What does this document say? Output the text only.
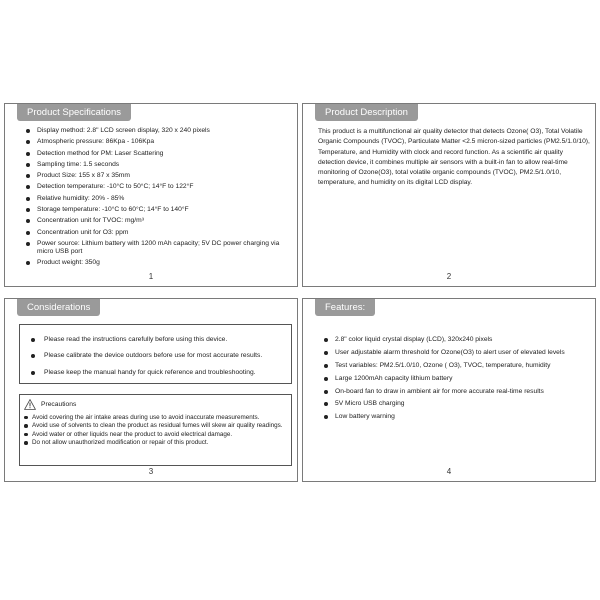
Product Specifications
Display method: 2.8" LCD screen display, 320 x 240 pixels
Atmospheric pressure: 86Kpa - 106Kpa
Detection method for PM: Laser Scattering
Sampling time: 1.5 seconds
Product Size: 155 x 87 x 35mm
Detection temperature: -10°C to 50°C; 14°F to 122°F
Relative humidity: 20% - 85%
Storage temperature: -10°C to 60°C; 14°F to 140°F
Concentration unit for TVOC: mg/m³
Concentration unit for O3: ppm
Power source: Lithium battery with 1200 mAh capacity; 5V DC power charging via micro USB port
Product weight: 350g
1
Product Description
This product is a multifunctional air quality detector that detects Ozone( O3), Total Volatile Organic Compounds (TVOC), Particulate Matter <2.5 micron-sized particles (PM2.5/1.0/10), Temperature, and Humidity with clock and record function. As a scientific air quality detection device, it combines multiple air sensors with a built-in fan to allow real-time monitoring of Ozone(O3), total volatile organic compounds (TVOC), PM2.5/1.0/10, temperature, and humidity on its digital LCD display.
2
Considerations
Please read the instructions carefully before using this device.
Please calibrate the device outdoors before use for most accurate results.
Please keep the manual handy for quick reference and troubleshooting.
Precautions
Avoid covering the air intake areas during use to avoid inaccurate measurements.
Avoid use of solvents to clean the product as residual fumes will skew air quality readings.
Avoid water or other liquids near the product to avoid electrical damage.
Do not allow unauthorized modification or repair of this product.
3
Features:
2.8" color liquid crystal display (LCD), 320x240 pixels
User adjustable alarm threshold for Ozone(O3) to alert user of elevated levels
Test variables: PM2.5/1.0/10, Ozone ( O3), TVOC, temperature, humidity
Large 1200mAh capacity lithium battery
On-board fan to draw in ambient air for more accurate real-time results
5V Micro USB charging
Low battery warning
4
